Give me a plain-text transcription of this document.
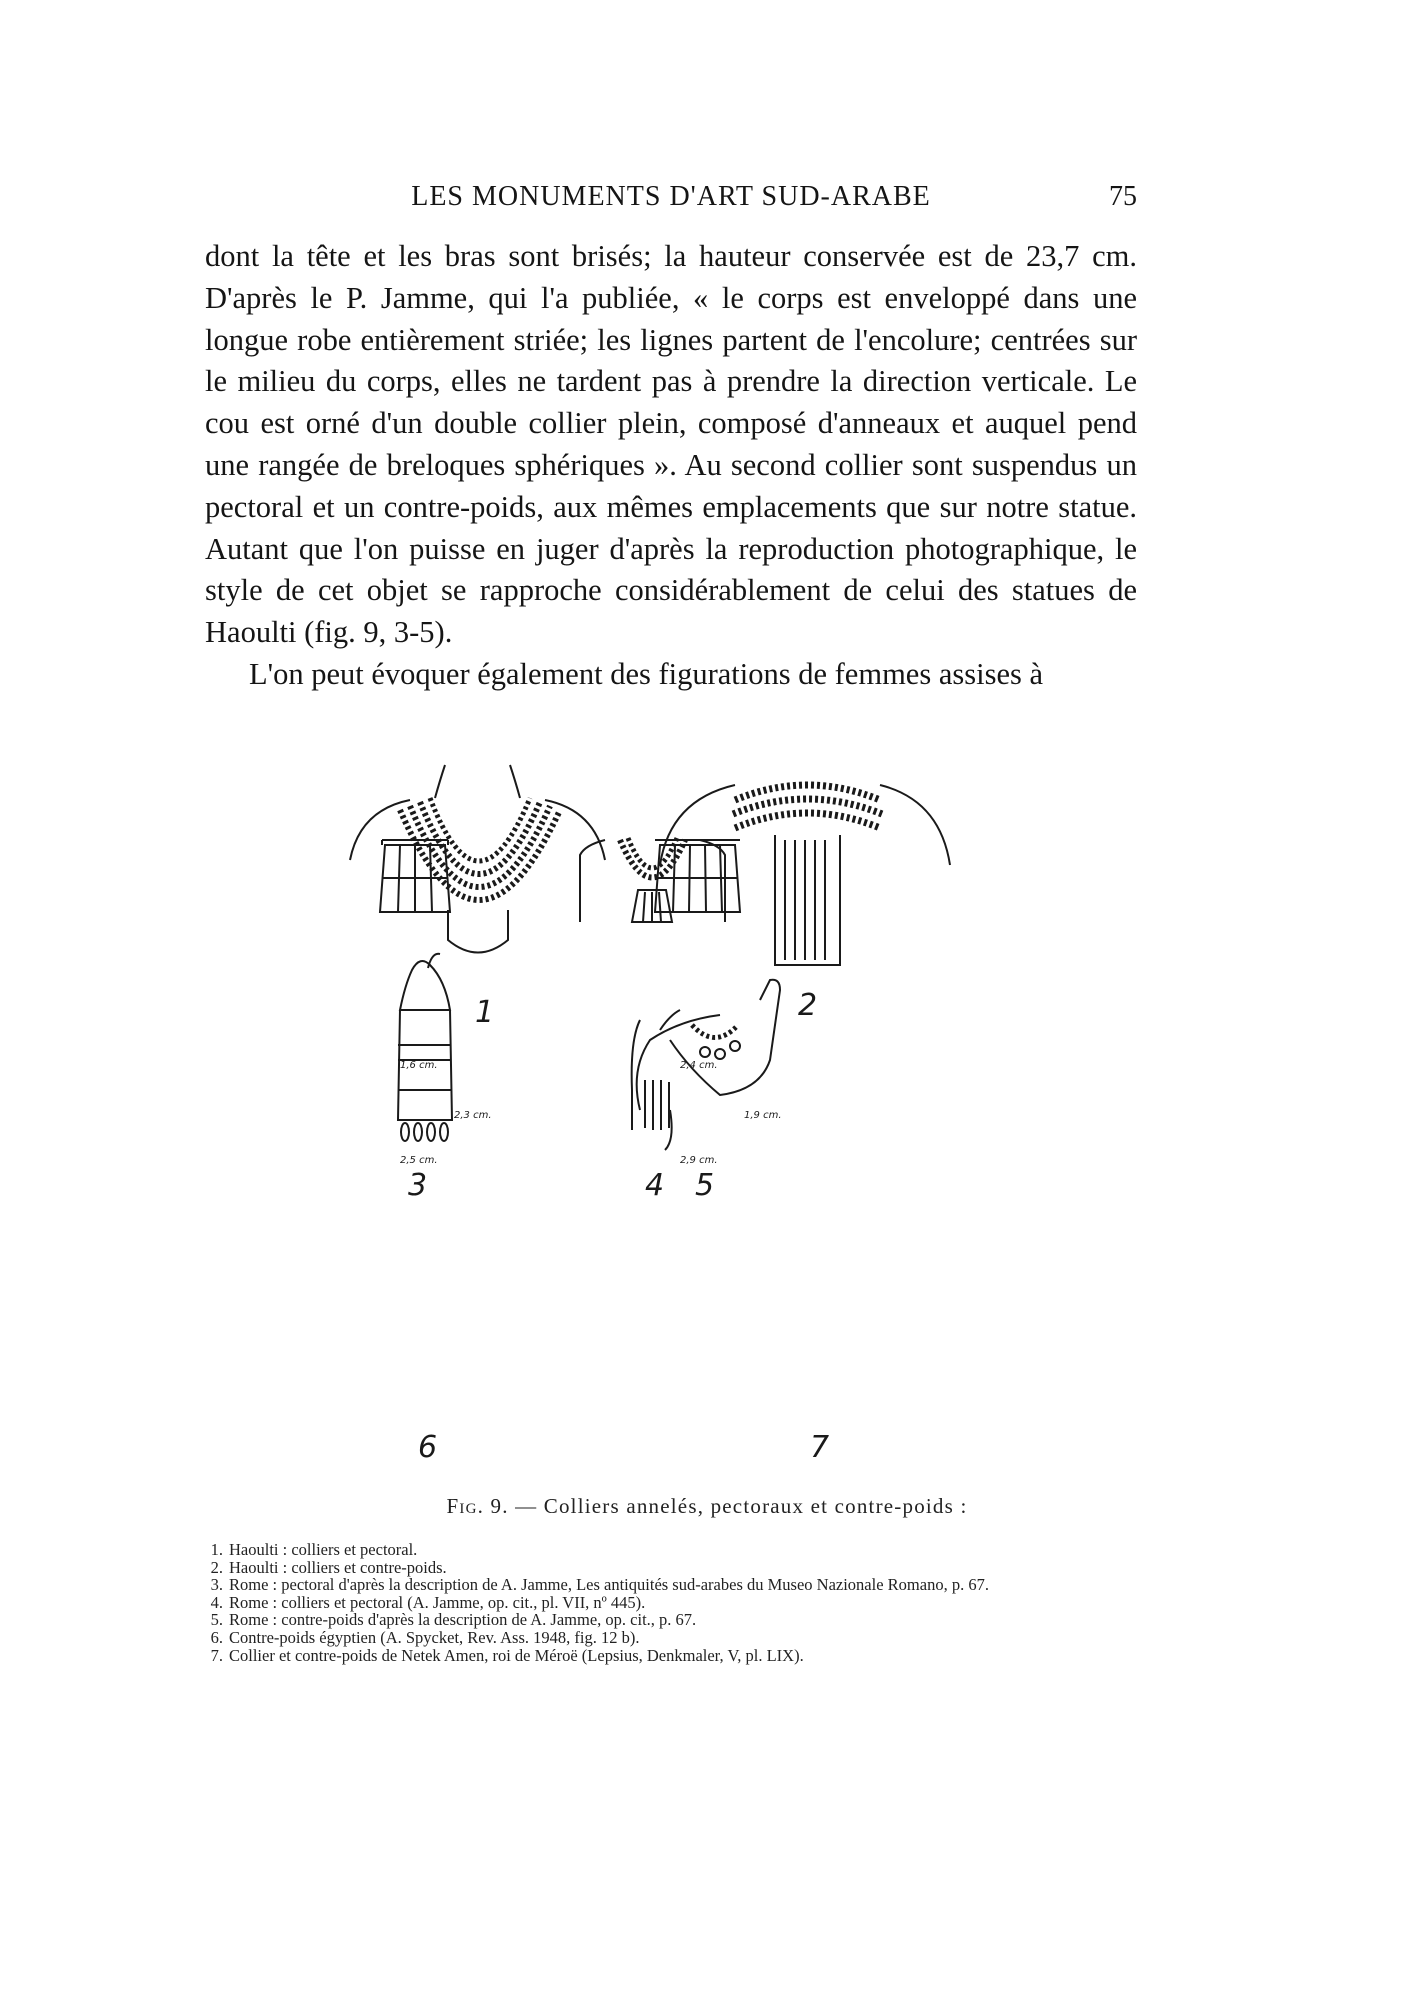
LES MONUMENTS D'ART SUD-ARABE	75

dont la tête et les bras sont brisés; la hauteur conservée est de 23,7 cm. D'après le P. Jamme, qui l'a publiée, « le corps est enveloppé dans une longue robe entièrement striée; les lignes partent de l'encolure; centrées sur le milieu du corps, elles ne tardent pas à prendre la direction verticale. Le cou est orné d'un double collier plein, composé d'anneaux et auquel pend une rangée de breloques sphériques ». Au second collier sont suspendus un pectoral et un contre-poids, aux mêmes emplacements que sur notre statue. Autant que l'on puisse en juger d'après la reproduction photographique, le style de cet objet se rapproche considérablement de celui des statues de Haoulti (fig. 9, 3-5).

L'on peut évoquer également des figurations de femmes assises à

1	2
3	4 5
6	7
1,6 cm.
2,3 cm.
2,5 cm.
2,4 cm.
1,9 cm.
2,9 cm.
Fig. 9. — Colliers annelés, pectoraux et contre-poids :
1. Haoulti : colliers et pectoral.
2. Haoulti : colliers et contre-poids.
3. Rome : pectoral d'après la description de A. Jamme, Les antiquités sud-arabes du Museo Nazionale Romano, p. 67.
4. Rome : colliers et pectoral (A. Jamme, op. cit., pl. VII, nº 445).
5. Rome : contre-poids d'après la description de A. Jamme, op. cit., p. 67.
6. Contre-poids égyptien (A. Spycket, Rev. Ass. 1948, fig. 12 b).
7. Collier et contre-poids de Netek Amen, roi de Méroë (Lepsius, Denkmaler, V, pl. LIX).
